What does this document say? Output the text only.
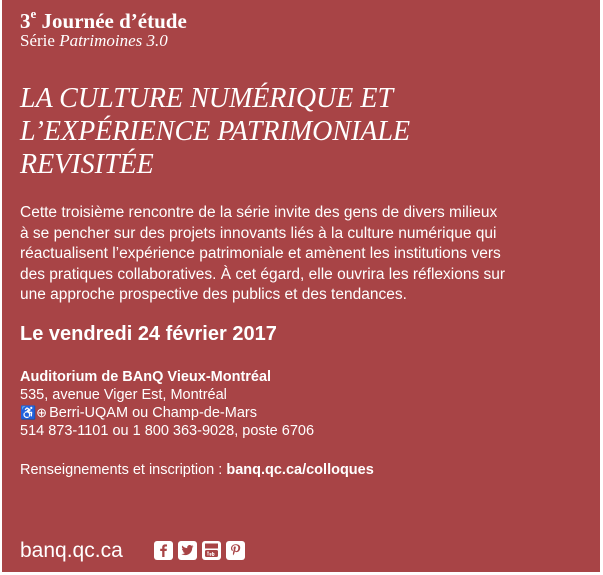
3e Journée d’étude
Série Patrimoines 3.0
LA CULTURE NUMÉRIQUE ET
L’EXPÉRIENCE PATRIMONIALE
REVISITÉE
Cette troisième rencontre de la série invite des gens de divers milieux
à se pencher sur des projets innovants liés à la culture numérique qui
réactualisent l’expérience patrimoniale et amènent les institutions vers
des pratiques collaboratives. À cet égard, elle ouvrira les réflexions sur
une approche prospective des publics et des tendances.
Le vendredi 24 février 2017
Auditorium de BAnQ Vieux-Montréal
535, avenue Viger Est, Montréal
♿⊕ Berri-UQAM ou Champ-de-Mars
514 873-1101 ou 1 800 363-9028, poste 6706
Renseignements et inscription : banq.qc.ca/colloques
banq.qc.ca
